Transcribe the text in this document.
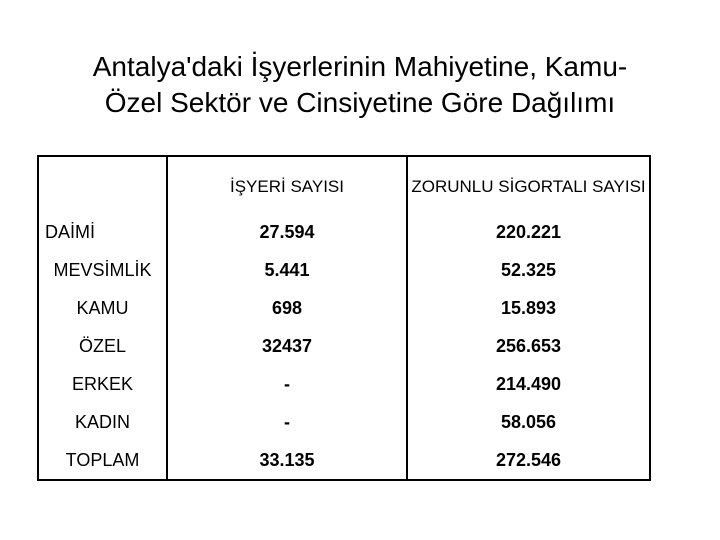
Antalya'daki İşyerlerinin Mahiyetine, Kamu-
Özel Sektör ve Cinsiyetine Göre Dağılımı
	İŞYERİ SAYISI	ZORUNLU SİGORTALI SAYISI
DAİMİ	27.594	220.221
MEVSİMLİK	5.441	52.325
KAMU	698	15.893
ÖZEL	32437	256.653
ERKEK	-	214.490
KADIN	-	58.056
TOPLAM	33.135	272.546
